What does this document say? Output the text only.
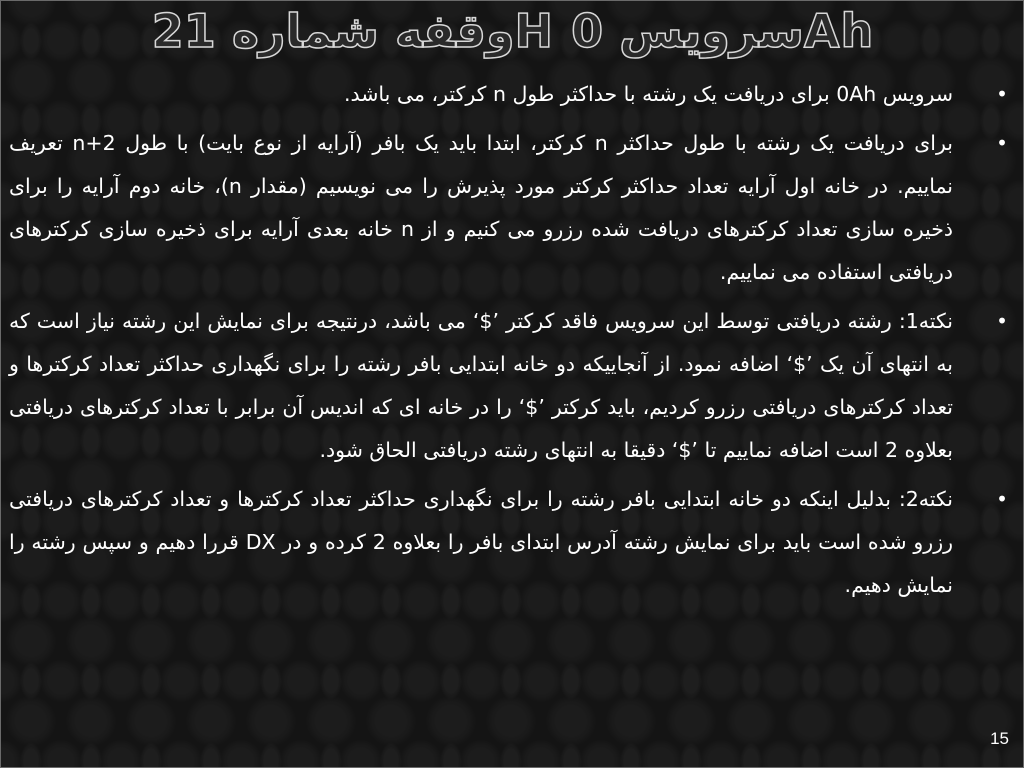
وقفه شماره 21H سرویس 0Ah
•
سرویس 0Ah برای دریافت یک رشته با حداکثر طول n کرکتر، می باشد.
•
برای دریافت یک رشته با طول حداکثر n کرکتر، ابتدا باید یک بافر (آرایه از نوع بایت) با طول n+2 تعریف نماییم. در خانه اول آرایه تعداد حداکثر کرکتر مورد پذیرش را می نویسیم (مقدار n)، خانه دوم آرایه را برای ذخیره سازی تعداد کرکترهای دریافت شده رزرو می کنیم و از n خانه بعدی آرایه برای ذخیره سازی کرکترهای دریافتی استفاده می نماییم.
•
نکته1: رشته دریافتی توسط این سرویس فاقد کرکتر ’$‘ می باشد، درنتیجه برای نمایش این رشته نیاز است که به انتهای آن یک ’$‘ اضافه نمود. از آنجاییکه دو خانه ابتدایی بافر رشته را برای نگهداری حداکثر تعداد کرکترها و تعداد کرکترهای دریافتی رزرو کردیم، باید کرکتر ’$‘ را در خانه ای که اندیس آن برابر با تعداد کرکترهای دریافتی بعلاوه 2 است اضافه نماییم تا ’$‘ دقیقا به انتهای رشته دریافتی الحاق شود.
•
نکته2: بدلیل اینکه دو خانه ابتدایی بافر رشته را برای نگهداری حداکثر تعداد کرکترها و تعداد کرکترهای دریافتی رزرو شده است باید برای نمایش رشته آدرس ابتدای بافر را بعلاوه 2 کرده و در DX قررا دهیم و سپس رشته را نمایش دهیم.
15
